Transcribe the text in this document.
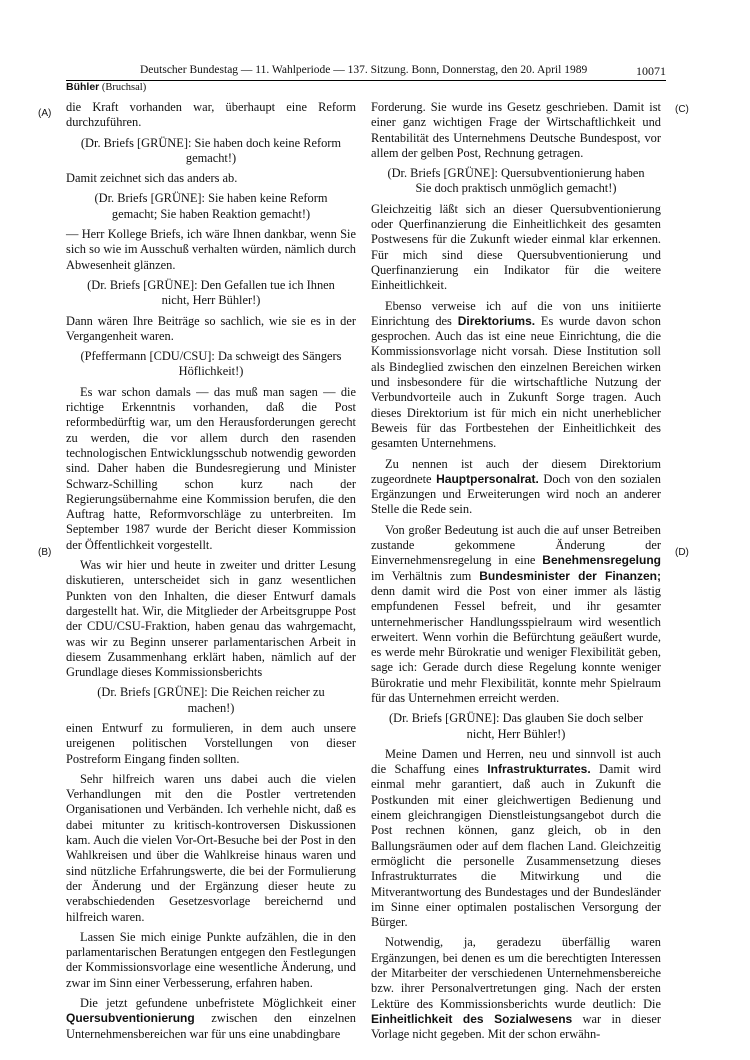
Deutscher Bundestag — 11. Wahlperiode — 137. Sitzung. Bonn, Donnerstag, den 20. April 1989	10071
Bühler (Bruchsal)
(A)
(B)
(C)
(D)

die Kraft vorhanden war, überhaupt eine Reform durchzuführen.

(Dr. Briefs [GRÜNE]: Sie haben doch keine Reform gemacht!)

Damit zeichnet sich das anders ab.

(Dr. Briefs [GRÜNE]: Sie haben keine Reform gemacht; Sie haben Reaktion gemacht!)

— Herr Kollege Briefs, ich wäre Ihnen dankbar, wenn Sie sich so wie im Ausschuß verhalten würden, nämlich durch Abwesenheit glänzen.

(Dr. Briefs [GRÜNE]: Den Gefallen tue ich Ihnen nicht, Herr Bühler!)

Dann wären Ihre Beiträge so sachlich, wie sie es in der Vergangenheit waren.

(Pfeffermann [CDU/CSU]: Da schweigt des Sängers Höflichkeit!)

Es war schon damals — das muß man sagen — die richtige Erkenntnis vorhanden, daß die Post reformbedürftig war, um den Herausforderungen gerecht zu werden, die vor allem durch den rasenden technologischen Entwicklungsschub notwendig geworden sind. Daher haben die Bundesregierung und Minister Schwarz-Schilling schon kurz nach der Regierungsübernahme eine Kommission berufen, die den Auftrag hatte, Reformvorschläge zu unterbreiten. Im September 1987 wurde der Bericht dieser Kommission der Öffentlichkeit vorgestellt.

Was wir hier und heute in zweiter und dritter Lesung diskutieren, unterscheidet sich in ganz wesentlichen Punkten von den Inhalten, die dieser Entwurf damals dargestellt hat. Wir, die Mitglieder der Arbeitsgruppe Post der CDU/CSU-Fraktion, haben genau das wahrgemacht, was wir zu Beginn unserer parlamentarischen Arbeit in diesem Zusammenhang erklärt haben, nämlich auf der Grundlage dieses Kommissionsberichts

(Dr. Briefs [GRÜNE]: Die Reichen reicher zu machen!)

einen Entwurf zu formulieren, in dem auch unsere ureigenen politischen Vorstellungen von dieser Postreform Eingang finden sollten.

Sehr hilfreich waren uns dabei auch die vielen Verhandlungen mit den die Postler vertretenden Organisationen und Verbänden. Ich verhehle nicht, daß es dabei mitunter zu kritisch-kontroversen Diskussionen kam. Auch die vielen Vor-Ort-Besuche bei der Post in den Wahlkreisen und über die Wahlkreise hinaus waren und sind nützliche Erfahrungswerte, die bei der Formulierung der Änderung und der Ergänzung dieser heute zu verabschiedenden Gesetzesvorlage bereichernd und hilfreich waren.

Lassen Sie mich einige Punkte aufzählen, die in den parlamentarischen Beratungen entgegen den Festlegungen der Kommissionsvorlage eine wesentliche Änderung, und zwar im Sinn einer Verbesserung, erfahren haben.

Die jetzt gefundene unbefristete Möglichkeit einer Quersubventionierung zwischen den einzelnen Unternehmensbereichen war für uns eine unabdingbare

Forderung. Sie wurde ins Gesetz geschrieben. Damit ist einer ganz wichtigen Frage der Wirtschaftlichkeit und Rentabilität des Unternehmens Deutsche Bundespost, vor allem der gelben Post, Rechnung getragen.

(Dr. Briefs [GRÜNE]: Quersubventionierung haben Sie doch praktisch unmöglich gemacht!)

Gleichzeitig läßt sich an dieser Quersubventionierung oder Querfinanzierung die Einheitlichkeit des gesamten Postwesens für die Zukunft wieder einmal klar erkennen. Für mich sind diese Quersubventionierung und Querfinanzierung ein Indikator für die weitere Einheitlichkeit.

Ebenso verweise ich auf die von uns initiierte Einrichtung des Direktoriums. Es wurde davon schon gesprochen. Auch das ist eine neue Einrichtung, die die Kommissionsvorlage nicht vorsah. Diese Institution soll als Bindeglied zwischen den einzelnen Bereichen wirken und insbesondere für die wirtschaftliche Nutzung der Verbundvorteile auch in Zukunft Sorge tragen. Auch dieses Direktorium ist für mich ein nicht unerheblicher Beweis für das Fortbestehen der Einheitlichkeit des gesamten Unternehmens.

Zu nennen ist auch der diesem Direktorium zugeordnete Hauptpersonalrat. Doch von den sozialen Ergänzungen und Erweiterungen wird noch an anderer Stelle die Rede sein.

Von großer Bedeutung ist auch die auf unser Betreiben zustande gekommene Änderung der Einvernehmensregelung in eine Benehmensregelung im Verhältnis zum Bundesminister der Finanzen; denn damit wird die Post von einer immer als lästig empfundenen Fessel befreit, und ihr gesamter unternehmerischer Handlungsspielraum wird wesentlich erweitert. Wenn vorhin die Befürchtung geäußert wurde, es werde mehr Bürokratie und weniger Flexibilität geben, sage ich: Gerade durch diese Regelung konnte weniger Bürokratie und mehr Flexibilität, konnte mehr Spielraum für das Unternehmen erreicht werden.

(Dr. Briefs [GRÜNE]: Das glauben Sie doch selber nicht, Herr Bühler!)

Meine Damen und Herren, neu und sinnvoll ist auch die Schaffung eines Infrastrukturrates. Damit wird einmal mehr garantiert, daß auch in Zukunft die Postkunden mit einer gleichwertigen Bedienung und einem gleichrangigen Dienstleistungsangebot durch die Post rechnen können, ganz gleich, ob in den Ballungsräumen oder auf dem flachen Land. Gleichzeitig ermöglicht die personelle Zusammensetzung dieses Infrastrukturrates die Mitwirkung und die Mitverantwortung des Bundestages und der Bundesländer im Sinne einer optimalen postalischen Versorgung der Bürger.

Notwendig, ja, geradezu überfällig waren Ergänzungen, bei denen es um die berechtigten Interessen der Mitarbeiter der verschiedenen Unternehmensbereiche bzw. ihrer Personalvertretungen ging. Nach der ersten Lektüre des Kommissionsberichts wurde deutlich: Die Einheitlichkeit des Sozialwesens war in dieser Vorlage nicht gegeben. Mit der schon erwähn-
